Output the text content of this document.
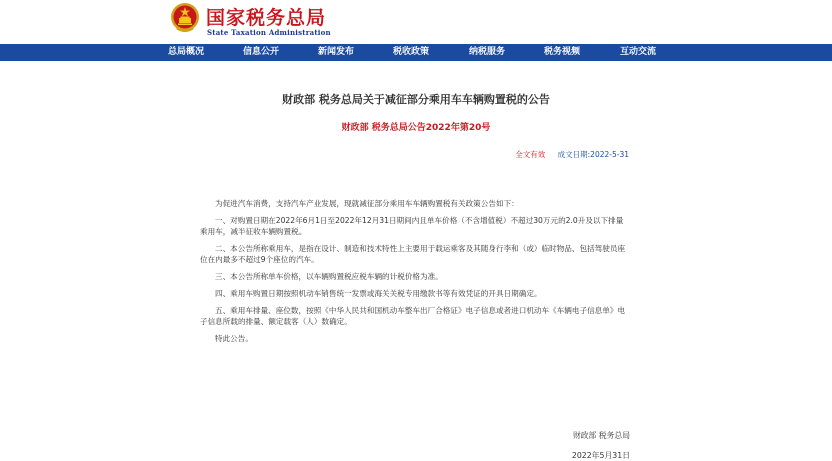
国家税务总局
State Taxation Administration
总局概况	信息公开	新闻发布	税收政策	纳税服务	税务视频	互动交流
财政部 税务总局关于减征部分乘用车车辆购置税的公告
财政部 税务总局公告2022年第20号
全文有效 成文日期:2022-5-31

为促进汽车消费，支持汽车产业发展，现就减征部分乘用车车辆购置税有关政策公告如下：

一、对购置日期在2022年6月1日至2022年12月31日期间内且单车价格（不含增值税）不超过30万元的2.0升及以下排量乘用车，减半征收车辆购置税。

二、本公告所称乘用车，是指在设计、制造和技术特性上主要用于载运乘客及其随身行李和（或）临时物品、包括驾驶员座位在内最多不超过9个座位的汽车。

三、本公告所称单车价格，以车辆购置税应税车辆的计税价格为准。

四、乘用车购置日期按照机动车销售统一发票或海关关税专用缴款书等有效凭证的开具日期确定。

五、乘用车排量、座位数，按照《中华人民共和国机动车整车出厂合格证》电子信息或者进口机动车《车辆电子信息单》电子信息所载的排量、额定载客（人）数确定。

特此公告。

财政部 税务总局
2022年5月31日
